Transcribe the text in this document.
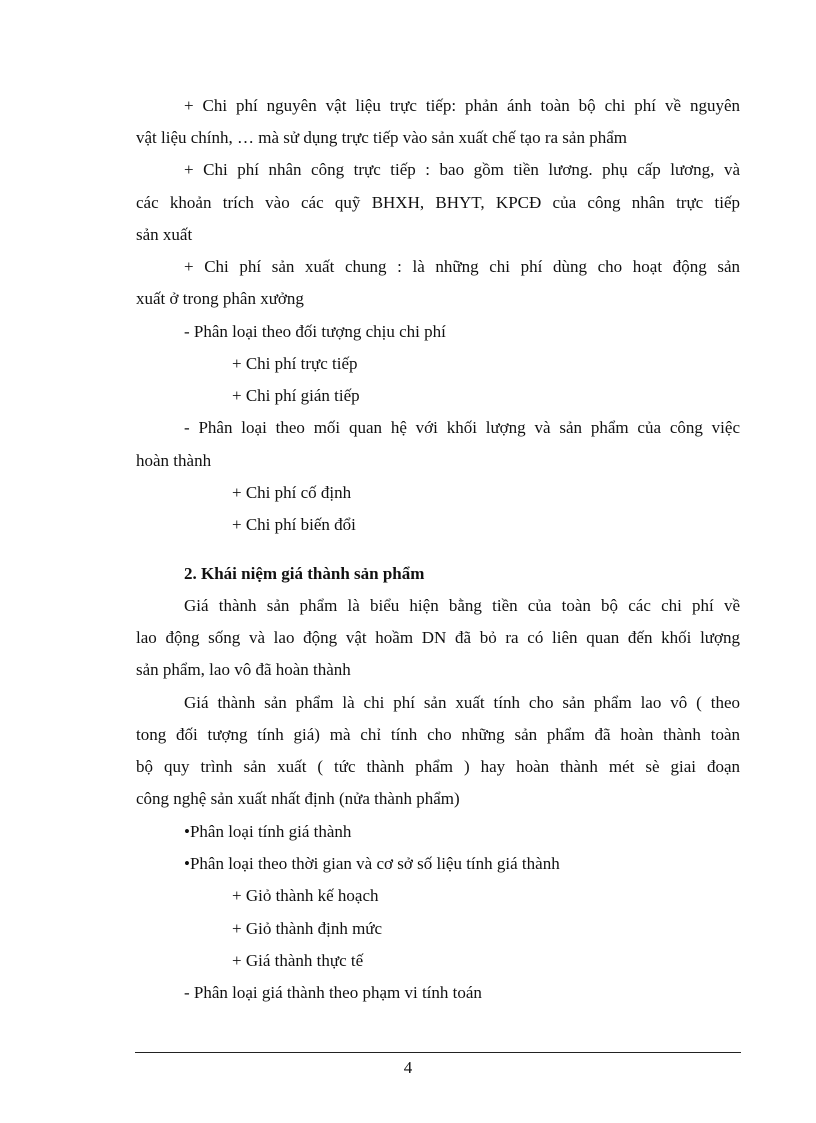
+ Chi phí nguyên vật liệu trực tiếp: phản ánh toàn bộ chi phí về nguyên
vật liệu chính, … mà sử dụng trực tiếp vào sản xuất chế tạo ra sản phẩm
+ Chi phí nhân công trực tiếp : bao gồm tiền lương. phụ cấp lương, và
các khoản trích vào các quỹ BHXH, BHYT, KPCĐ của công nhân trực tiếp
sản xuất
+ Chi phí sản xuất chung : là những chi phí dùng cho hoạt động sản
xuất ở trong phân xưởng
- Phân loại theo đối tượng chịu chi phí
+ Chi phí trực tiếp
+ Chi phí gián tiếp
- Phân loại theo mối quan hệ với khối lượng và sản phẩm của công việc
hoàn thành
+ Chi phí cố định
+ Chi phí biến đổi
2. Khái niệm giá thành sản phẩm
Giá thành sản phẩm là biểu hiện bằng tiền của toàn bộ các chi phí về
lao động sống và lao động vật hoầm DN đã bỏ ra có liên quan đến khối lượng
sản phẩm, lao vô đã hoàn thành
Giá thành sản phẩm là chi phí sản xuất tính cho sản phẩm lao vô ( theo
tong đối tượng tính giá) mà chỉ tính cho những sản phẩm đã hoàn thành toàn
bộ quy trình sản xuất ( tức thành phẩm ) hay hoàn thành mét sè giai đoạn
công nghệ sản xuất nhất định (nửa thành phẩm)
•Phân loại tính giá thành
•Phân loại theo thời gian và cơ sở số liệu tính giá thành
+ Giỏ thành kế hoạch
+ Giỏ thành định mức
+ Giá thành thực tế
- Phân loại giá thành theo phạm vi tính toán
4
